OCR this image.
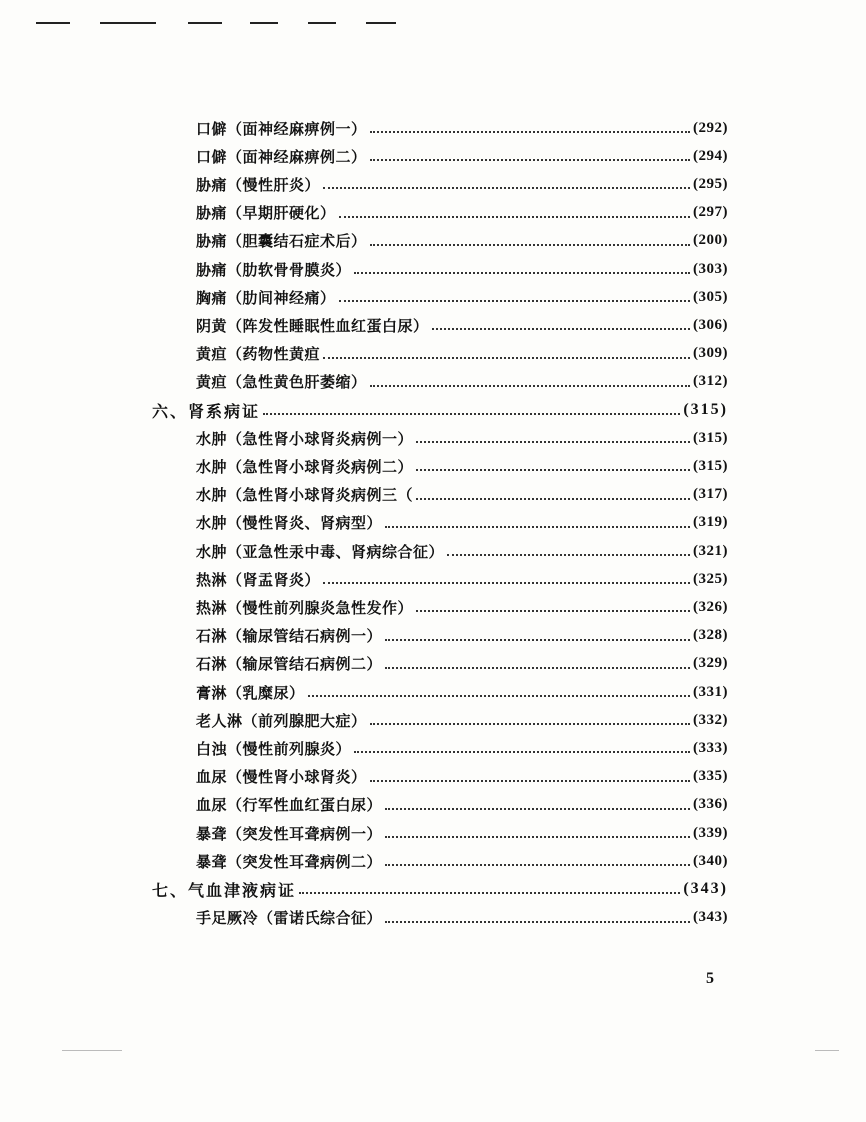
口僻（面神经麻痹例一）	(292)
口僻（面神经麻痹例二）	(294)
胁痛（慢性肝炎）	(295)
胁痛（早期肝硬化）	(297)
胁痛（胆囊结石症术后）	(200)
胁痛（肋软骨骨膜炎）	(303)
胸痛（肋间神经痛）	(305)
阴黄（阵发性睡眠性血红蛋白尿）	(306)
黄疸（药物性黄疸	(309)
黄疸（急性黄色肝萎缩）	(312)
六、肾系病证	(315)
水肿（急性肾小球肾炎病例一）	(315)
水肿（急性肾小球肾炎病例二）	(315)
水肿（急性肾小球肾炎病例三（	(317)
水肿（慢性肾炎、肾病型）	(319)
水肿（亚急性汞中毒、肾病综合征）	(321)
热淋（肾盂肾炎）	(325)
热淋（慢性前列腺炎急性发作）	(326)
石淋（输尿管结石病例一）	(328)
石淋（输尿管结石病例二）	(329)
膏淋（乳糜尿）	(331)
老人淋（前列腺肥大症）	(332)
白浊（慢性前列腺炎）	(333)
血尿（慢性肾小球肾炎）	(335)
血尿（行军性血红蛋白尿）	(336)
暴聋（突发性耳聋病例一）	(339)
暴聋（突发性耳聋病例二）	(340)
七、气血津液病证	(343)
手足厥冷（雷诺氏综合征）	(343)
5
